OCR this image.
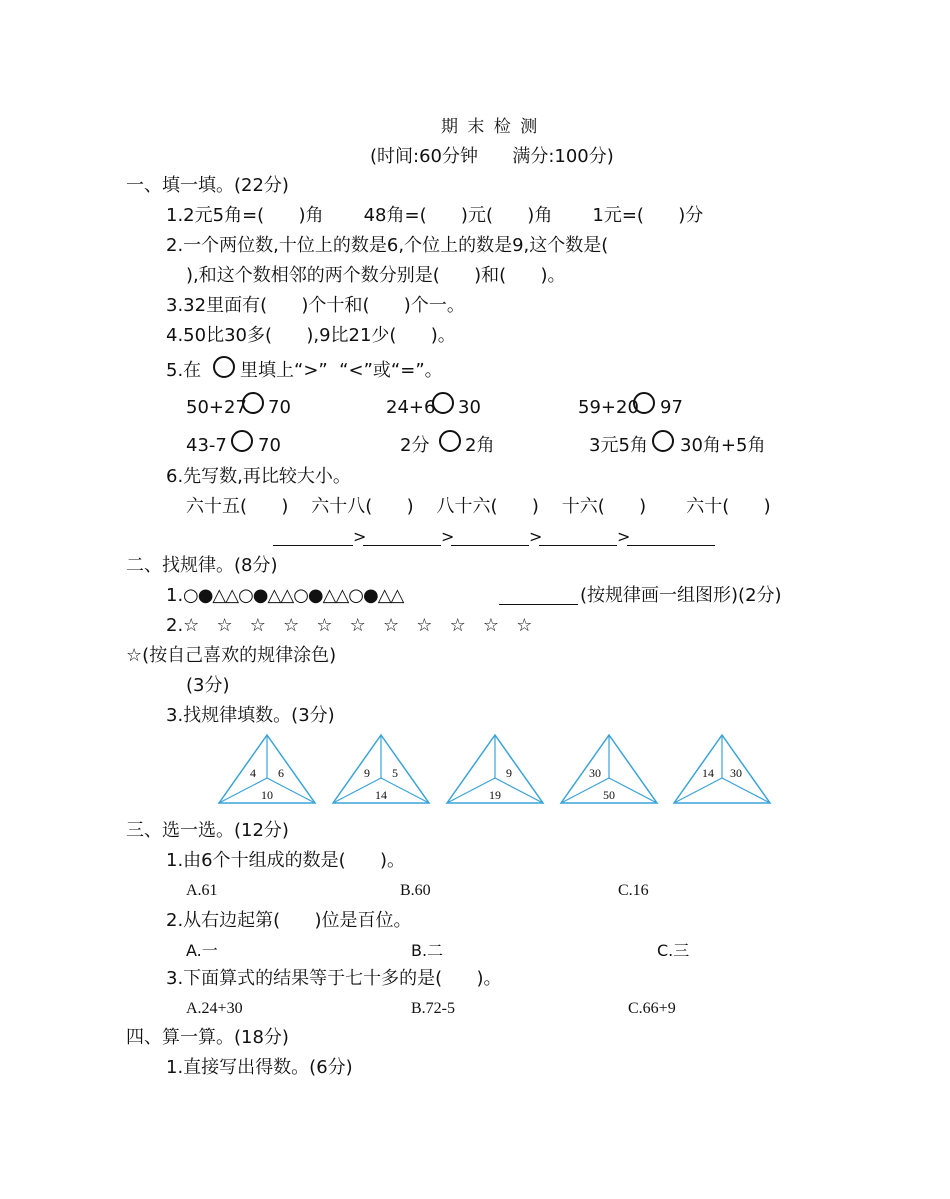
期 末 检 测
(时间:60分钟      满分:100分)
一、填一填。(22分)
1.2元5角=(      )角       48角=(      )元(      )角       1元=(      )分
2.一个两位数,十位上的数是6,个位上的数是9,这个数是(
),和这个数相邻的两个数分别是(      )和(      )。
3.32里面有(      )个十和(      )个一。
4.50比30多(      ),9比21少(      )。
5.在 里填上“>”  “<”或“=”。
50+27 70	24+6 30	59+20 97
43-7 70	2分 2角	3元5角 30角+5角
6.先写数,再比较大小。
六十五(      )    六十八(      )    八十六(      )    十六(      )       六十(      )
>	>	>	>
二、找规律。(8分)
1. ○●△△○●△△○●△△○●△△	(按规律画一组图形)(2分)
2.☆   ☆   ☆   ☆   ☆   ☆   ☆   ☆   ☆   ☆   ☆
☆(按自己喜欢的规律涂色)
(3分)
3.找规律填数。(3分)
4 6
10
9 5
14
9
19
30
50
14 30
三、选一选。(12分)
1.由6个十组成的数是(      )。
A.61	B.60	C.16
2.从右边起第(      )位是百位。
A.一	B.二	C.三
3.下面算式的结果等于七十多的是(      )。
A.24+30	B.72-5	C.66+9
四、算一算。(18分)
1.直接写出得数。(6分)
